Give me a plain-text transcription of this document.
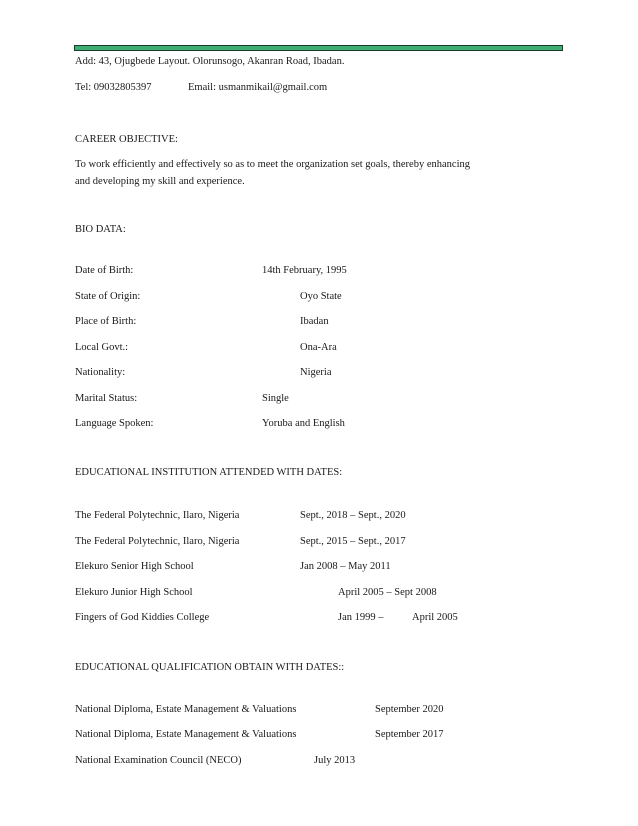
Add: 43, Ojugbede Layout. Olorunsogo, Akanran Road, Ibadan.
Tel: 09032805397	Email: usmanmikail@gmail.com
CAREER OBJECTIVE:
To work efficiently and effectively so as to meet the organization set goals, thereby enhancing and developing my skill and experience.
BIO DATA:
Date of Birth:	14th February, 1995
State of Origin:	Oyo State
Place of Birth:	Ibadan
Local Govt.:	Ona-Ara
Nationality:	Nigeria
Marital Status:	Single
Language Spoken:	Yoruba and English
EDUCATIONAL INSTITUTION ATTENDED WITH DATES:
The Federal Polytechnic, Ilaro, Nigeria	Sept., 2018 – Sept., 2020
The Federal Polytechnic, Ilaro, Nigeria	Sept., 2015 – Sept., 2017
Elekuro Senior High School	Jan 2008 – May 2011
Elekuro Junior High School	April 2005 – Sept 2008
Fingers of God Kiddies College	Jan 1999 –	April 2005
EDUCATIONAL QUALIFICATION OBTAIN WITH DATES::
National Diploma, Estate Management & Valuations	September 2020
National Diploma, Estate Management & Valuations	September 2017
National Examination Council (NECO)	July 2013
